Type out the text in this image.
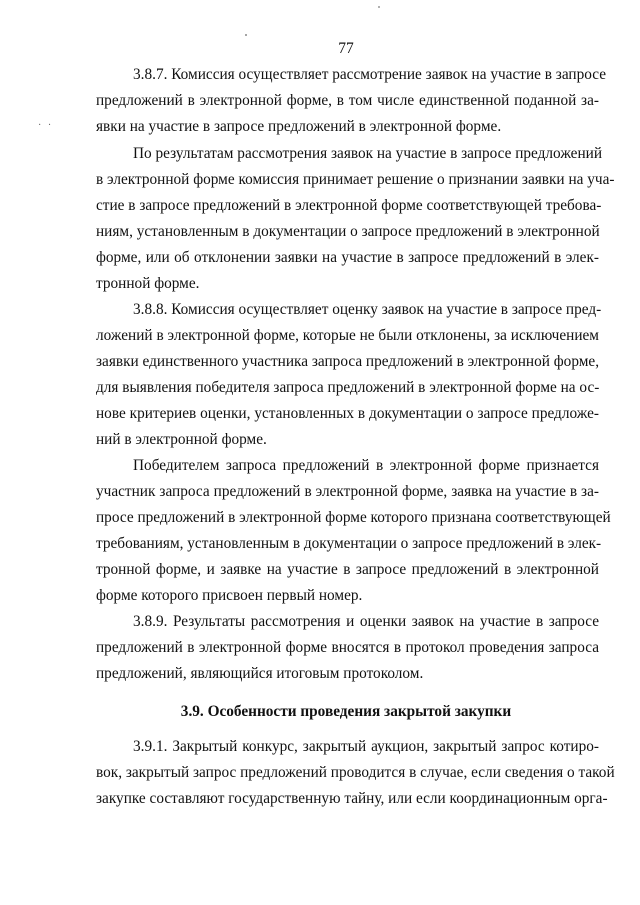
77
· ·
3.8.7. Комиссия осуществляет рассмотрение заявок на участие в запросе
предложений в электронной форме, в том числе единственной поданной за-
явки на участие в запросе предложений в электронной форме.
По результатам рассмотрения заявок на участие в запросе предложений
в электронной форме комиссия принимает решение о признании заявки на уча-
стие в запросе предложений в электронной форме соответствующей требова-
ниям, установленным в документации о запросе предложений в электронной
форме, или об отклонении заявки на участие в запросе предложений в элек-
тронной форме.
3.8.8. Комиссия осуществляет оценку заявок на участие в запросе пред-
ложений в электронной форме, которые не были отклонены, за исключением
заявки единственного участника запроса предложений в электронной форме,
для выявления победителя запроса предложений в электронной форме на ос-
нове критериев оценки, установленных в документации о запросе предложе-
ний в электронной форме.
Победителем запроса предложений в электронной форме признается
участник запроса предложений в электронной форме, заявка на участие в за-
просе предложений в электронной форме которого признана соответствующей
требованиям, установленным в документации о запросе предложений в элек-
тронной форме, и заявке на участие в запросе предложений в электронной
форме которого присвоен первый номер.
3.8.9. Результаты рассмотрения и оценки заявок на участие в запросе
предложений в электронной форме вносятся в протокол проведения запроса
предложений, являющийся итоговым протоколом.
3.9. Особенности проведения закрытой закупки
3.9.1. Закрытый конкурс, закрытый аукцион, закрытый запрос котиро-
вок, закрытый запрос предложений проводится в случае, если сведения о такой
закупке составляют государственную тайну, или если координационным орга-
